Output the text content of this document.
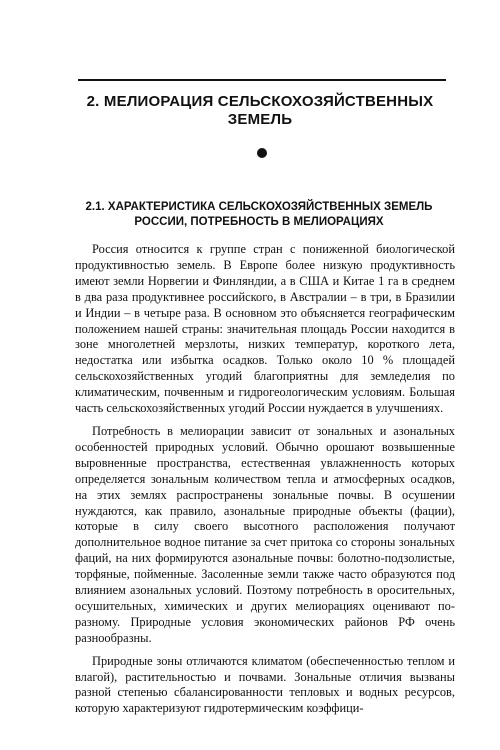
2. МЕЛИОРАЦИЯ СЕЛЬСКОХОЗЯЙСТВЕННЫХ
ЗЕМЕЛЬ
2.1. ХАРАКТЕРИСТИКА СЕЛЬСКОХОЗЯЙСТВЕННЫХ ЗЕМЕЛЬ
РОССИИ, ПОТРЕБНОСТЬ В МЕЛИОРАЦИЯХ

Россия относится к группе стран с пониженной биологической продуктивностью земель. В Европе более низкую продуктивность имеют земли Норвегии и Финляндии, а в США и Китае 1 га в среднем в два раза продуктивнее российского, в Австралии – в три, в Бразилии и Индии – в четыре раза. В основном это объясняется географическим положением нашей страны: значительная площадь России находится в зоне многолетней мерзлоты, низких температур, короткого лета, недостатка или избытка осадков. Только около 10 % площадей сельскохозяйственных угодий благоприятны для земледелия по климатическим, почвенным и гидрогеологическим условиям. Большая часть сельскохозяйственных угодий России нуждается в улучшениях.

Потребность в мелиорации зависит от зональных и азональных особенностей природных условий. Обычно орошают возвышенные выровненные пространства, естественная увлажненность которых определяется зональным количеством тепла и атмосферных осадков, на этих землях распространены зональные почвы. В осушении нуждаются, как правило, азональные природные объекты (фации), которые в силу своего высотного расположения получают дополнительное водное питание за счет притока со стороны зональных фаций, на них формируются азональные почвы: болотно-подзолистые, торфяные, пойменные. Засоленные земли также часто образуются под влиянием азональных условий. Поэтому потребность в оросительных, осушительных, химических и других мелиорациях оценивают по-разному. Природные условия экономических районов РФ очень разнообразны.

Природные зоны отличаются климатом (обеспеченностью теплом и влагой), растительностью и почвами. Зональные отличия вызваны разной степенью сбалансированности тепловых и водных ресурсов, которую характеризуют гидротермическим коэффици-
